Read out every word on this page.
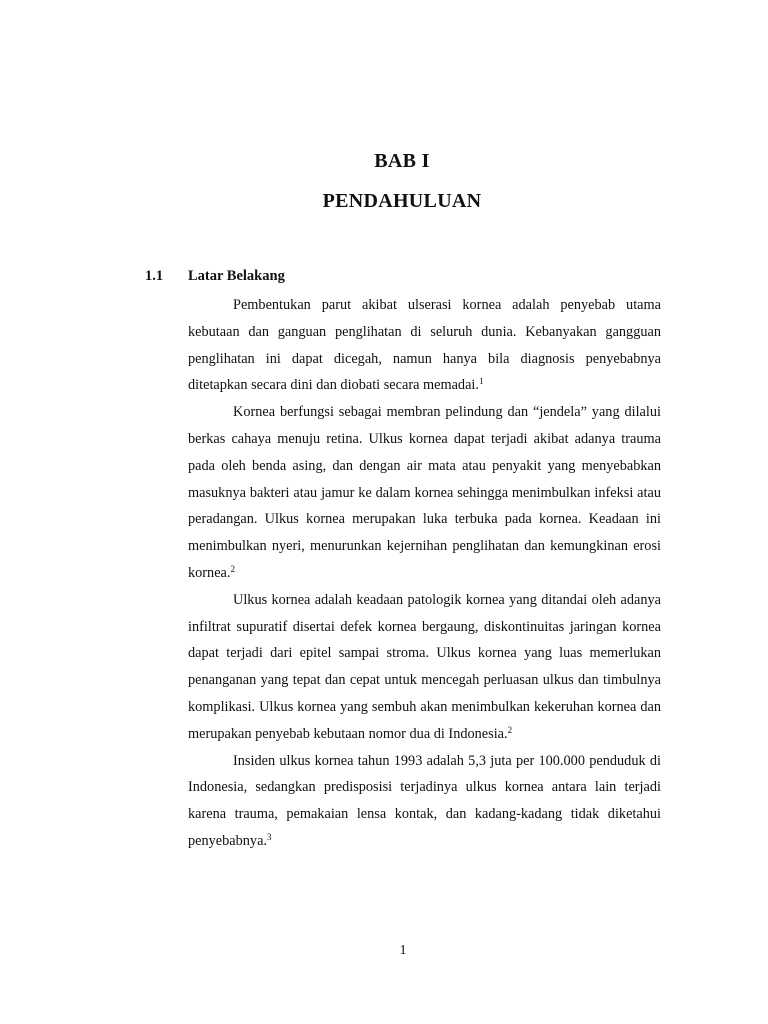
BAB I
PENDAHULUAN
1.1 Latar Belakang

Pembentukan parut akibat ulserasi kornea adalah penyebab utama kebutaan dan ganguan penglihatan di seluruh dunia. Kebanyakan gangguan penglihatan ini dapat dicegah, namun hanya bila diagnosis penyebabnya ditetapkan secara dini dan diobati secara memadai.$^1$

Kornea berfungsi sebagai membran pelindung dan “jendela” yang dilalui berkas cahaya menuju retina. Ulkus kornea dapat terjadi akibat adanya trauma pada oleh benda asing, dan dengan air mata atau penyakit yang menyebabkan masuknya bakteri atau jamur ke dalam kornea sehingga menimbulkan infeksi atau peradangan. Ulkus kornea merupakan luka terbuka pada kornea. Keadaan ini menimbulkan nyeri, menurunkan kejernihan penglihatan dan kemungkinan erosi kornea.$^2$

Ulkus kornea adalah keadaan patologik kornea yang ditandai oleh adanya infiltrat supuratif disertai defek kornea bergaung, diskontinuitas jaringan kornea dapat terjadi dari epitel sampai stroma. Ulkus kornea yang luas memerlukan penanganan yang tepat dan cepat untuk mencegah perluasan ulkus dan timbulnya komplikasi. Ulkus kornea yang sembuh akan menimbulkan kekeruhan kornea dan merupakan penyebab kebutaan nomor dua di Indonesia.$^2$

Insiden ulkus kornea tahun 1993 adalah 5,3 juta per 100.000 penduduk di Indonesia, sedangkan predisposisi terjadinya ulkus kornea antara lain terjadi karena trauma, pemakaian lensa kontak, dan kadang-kadang tidak diketahui penyebabnya.$^3$

1
